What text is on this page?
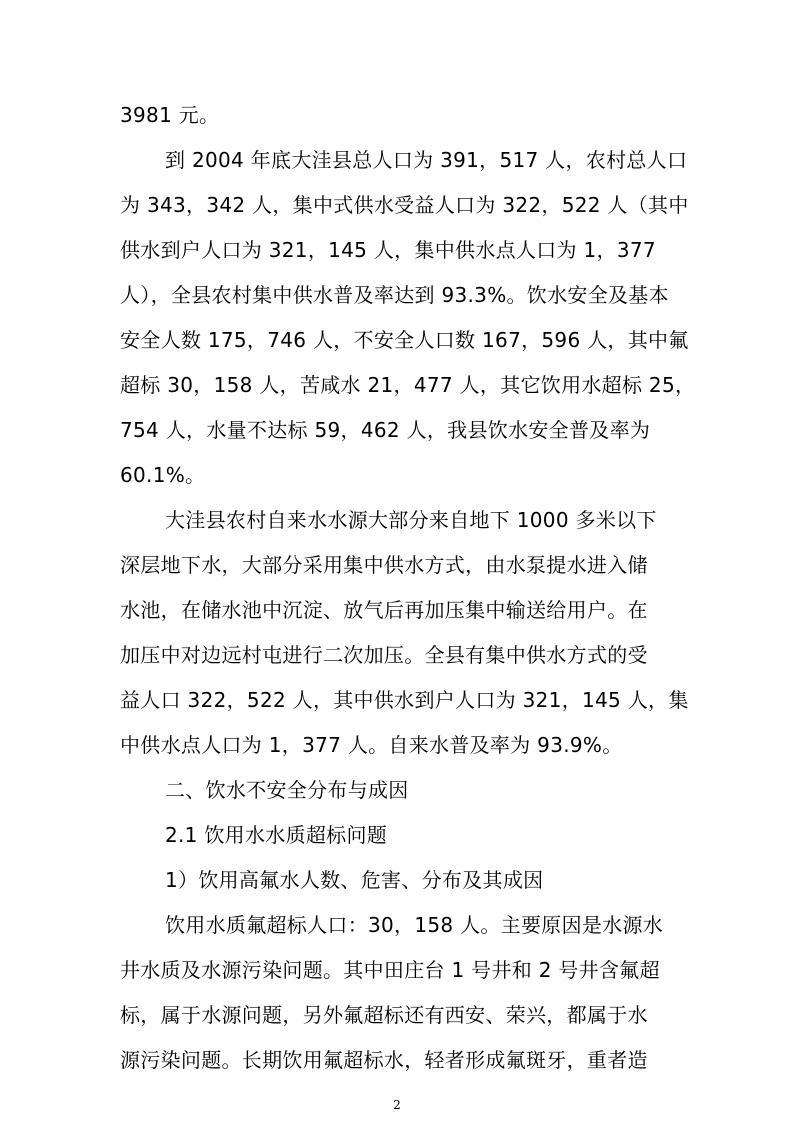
3981 元。
到 2004 年底大洼县总人口为 391，517 人，农村总人口
为 343，342 人，集中式供水受益人口为 322，522 人（其中
供水到户人口为 321，145 人，集中供水点人口为 1，377
人），全县农村集中供水普及率达到 93.3%。饮水安全及基本
安全人数 175，746 人，不安全人口数 167，596 人，其中氟
超标 30，158 人，苦咸水 21，477 人，其它饮用水超标 25，
754 人，水量不达标 59，462 人，我县饮水安全普及率为
60.1%。
大洼县农村自来水水源大部分来自地下 1000 多米以下
深层地下水，大部分采用集中供水方式，由水泵提水进入储
水池，在储水池中沉淀、放气后再加压集中输送给用户。在
加压中对边远村屯进行二次加压。全县有集中供水方式的受
益人口 322，522 人，其中供水到户人口为 321，145 人，集
中供水点人口为 1，377 人。自来水普及率为 93.9%。
二、饮水不安全分布与成因
2.1 饮用水水质超标问题
1）饮用高氟水人数、危害、分布及其成因
饮用水质氟超标人口：30，158 人。主要原因是水源水
井水质及水源污染问题。其中田庄台 1 号井和 2 号井含氟超
标，属于水源问题，另外氟超标还有西安、荣兴，都属于水
源污染问题。长期饮用氟超标水，轻者形成氟斑牙，重者造
2
